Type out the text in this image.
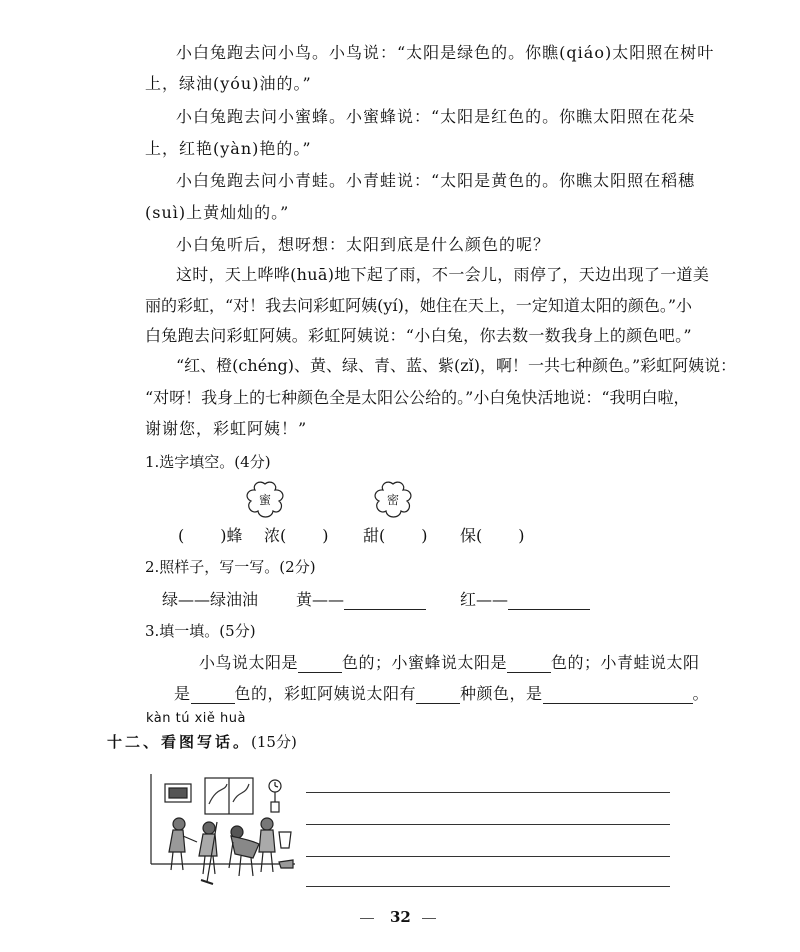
小白兔跑去问小鸟。小鸟说：“太阳是绿色的。你瞧(qiáo)太阳照在树叶
上，绿油(yóu)油的。”
小白兔跑去问小蜜蜂。小蜜蜂说：“太阳是红色的。你瞧太阳照在花朵
上，红艳(yàn)艳的。”
小白兔跑去问小青蛙。小青蛙说：“太阳是黄色的。你瞧太阳照在稻穗
(suì)上黄灿灿的。”
小白兔听后，想呀想：太阳到底是什么颜色的呢？
这时，天上哗哗(huā)地下起了雨，不一会儿，雨停了，天边出现了一道美
丽的彩虹，“对！我去问彩虹阿姨(yí)，她住在天上，一定知道太阳的颜色。”小
白兔跑去问彩虹阿姨。彩虹阿姨说：“小白兔，你去数一数我身上的颜色吧。”
“红、橙(chéng)、黄、绿、青、蓝、紫(zǐ)，啊！一共七种颜色。”彩虹阿姨说：
“对呀！我身上的七种颜色全是太阳公公给的。”小白兔快活地说：“我明白啦，
谢谢您，彩虹阿姨！”
1.选字填空。(4分)
蜜	密
( )蜂 浓( ) 甜( ) 保( )
2.照样子，写一写。(2分)
绿——绿油油 黄——	红——
3.填一填。(5分)
小鸟说太阳是	色的；小蜜蜂说太阳是	色的；小青蛙说太阳
是	色的，彩虹阿姨说太阳有	种颜色，是	。
kàn tú xiě huà
十二、看图写话。(15分)
32
